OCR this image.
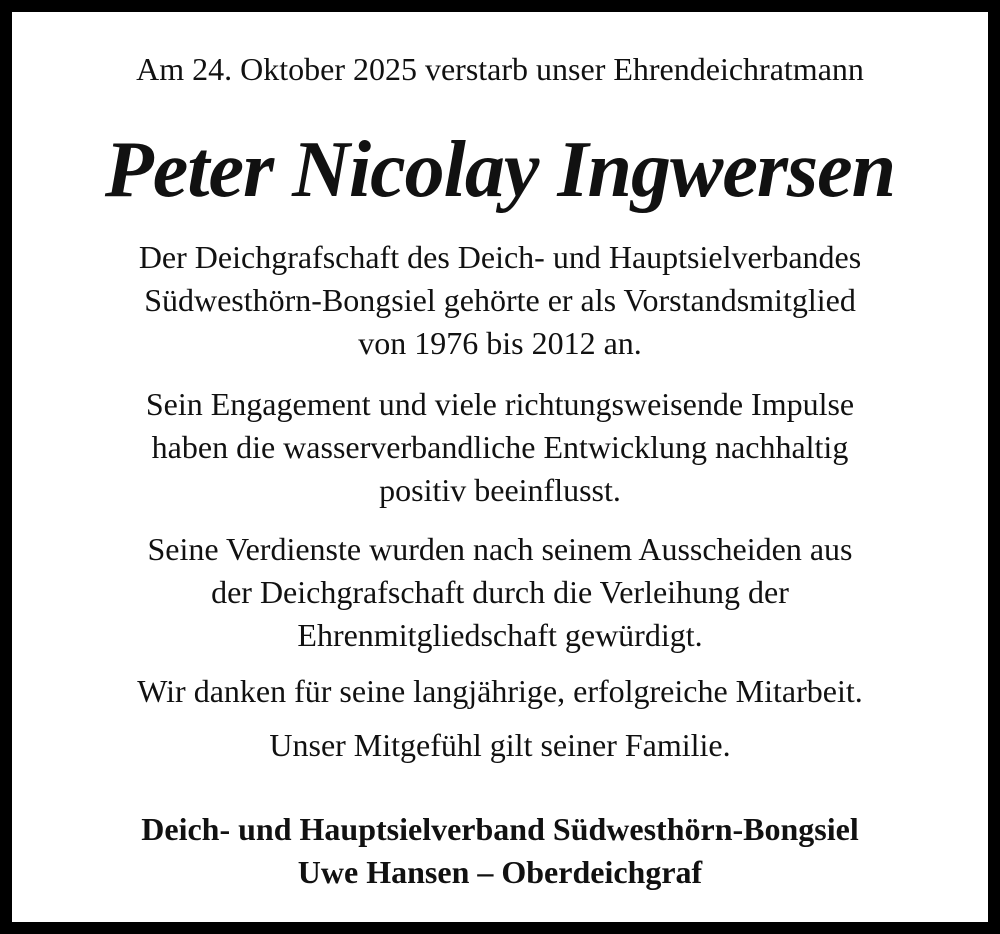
Am 24. Oktober 2025 verstarb unser Ehrendeichratmann
Peter Nicolay Ingwersen
Der Deichgrafschaft des Deich- und Hauptsielverbandes
Südwesthörn-Bongsiel gehörte er als Vorstandsmitglied
von 1976 bis 2012 an.
Sein Engagement und viele richtungsweisende Impulse
haben die wasserverbandliche Entwicklung nachhaltig
positiv beeinflusst.
Seine Verdienste wurden nach seinem Ausscheiden aus
der Deichgrafschaft durch die Verleihung der
Ehrenmitgliedschaft gewürdigt.
Wir danken für seine langjährige, erfolgreiche Mitarbeit.
Unser Mitgefühl gilt seiner Familie.
Deich- und Hauptsielverband Südwesthörn-Bongsiel
Uwe Hansen – Oberdeichgraf
